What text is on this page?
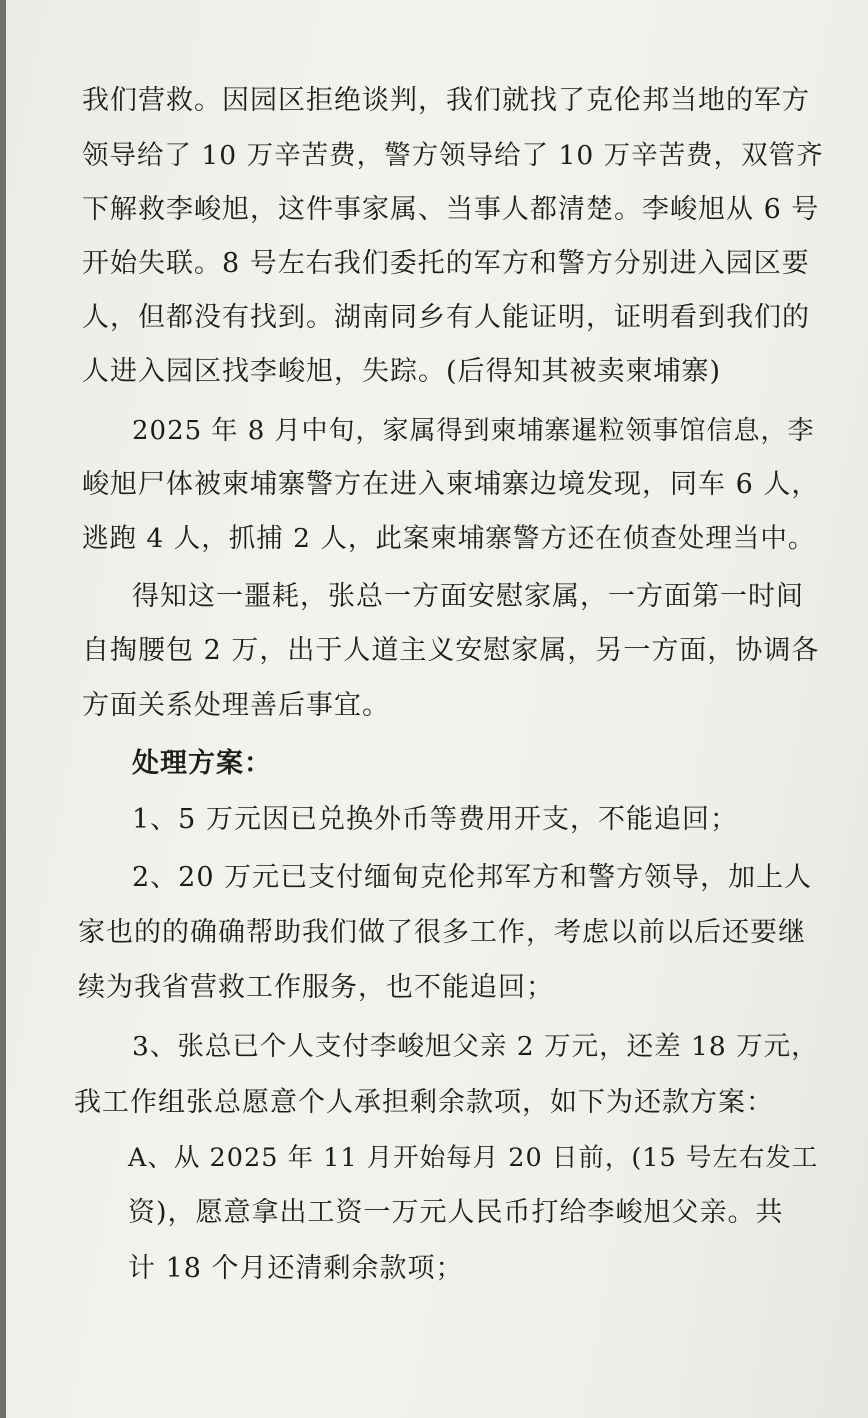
我们营救。因园区拒绝谈判，我们就找了克伦邦当地的军方
领导给了 10 万辛苦费，警方领导给了 10 万辛苦费，双管齐
下解救李峻旭，这件事家属、当事人都清楚。李峻旭从 6 号
开始失联。8 号左右我们委托的军方和警方分别进入园区要
人，但都没有找到。湖南同乡有人能证明，证明看到我们的
人进入园区找李峻旭，失踪。(后得知其被卖柬埔寨)
2025 年 8 月中旬，家属得到柬埔寨暹粒领事馆信息，李
峻旭尸体被柬埔寨警方在进入柬埔寨边境发现，同车 6 人，
逃跑 4 人，抓捕 2 人，此案柬埔寨警方还在侦查处理当中。
得知这一噩耗，张总一方面安慰家属，一方面第一时间
自掏腰包 2 万，出于人道主义安慰家属，另一方面，协调各
方面关系处理善后事宜。
处理方案：
1、5 万元因已兑换外币等费用开支，不能追回；
2、20 万元已支付缅甸克伦邦军方和警方领导，加上人
家也的的确确帮助我们做了很多工作，考虑以前以后还要继
续为我省营救工作服务，也不能追回；
3、张总已个人支付李峻旭父亲 2 万元，还差 18 万元，
我工作组张总愿意个人承担剩余款项，如下为还款方案：
A、从 2025 年 11 月开始每月 20 日前，(15 号左右发工
资)，愿意拿出工资一万元人民币打给李峻旭父亲。共
计 18 个月还清剩余款项；
